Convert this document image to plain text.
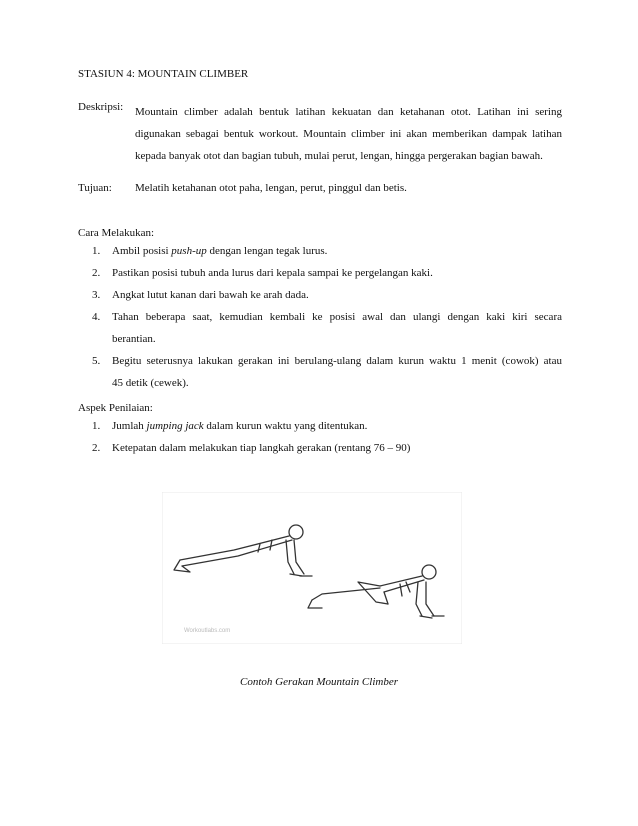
STASIUN 4: MOUNTAIN CLIMBER
Deskripsi: Mountain climber adalah bentuk latihan kekuatan dan ketahanan otot. Latihan ini sering
digunakan sebagai bentuk workout. Mountain climber ini akan memberikan dampak latihan
kepada banyak otot dan bagian tubuh, mulai perut, lengan, hingga pergerakan bagian bawah.
Tujuan: Melatih ketahanan otot paha, lengan, perut, pinggul dan betis.
Cara Melakukan:
1.	Ambil posisi push-up dengan lengan tegak lurus.
2.	Pastikan posisi tubuh anda lurus dari kepala sampai ke pergelangan kaki.
3.	Angkat lutut kanan dari bawah ke arah dada.
4.	Tahan beberapa saat, kemudian kembali ke posisi awal dan ulangi dengan kaki kiri secara
berantian.
5.	Begitu seterusnya lakukan gerakan ini berulang-ulang dalam kurun waktu 1 menit (cowok) atau
45 detik (cewek).
Aspek Penilaian:
1.	Jumlah jumping jack dalam kurun waktu yang ditentukan.
2.	Ketepatan dalam melakukan tiap langkah gerakan (rentang 76 – 90)
Workoutlabs.com
Contoh Gerakan Mountain Climber
